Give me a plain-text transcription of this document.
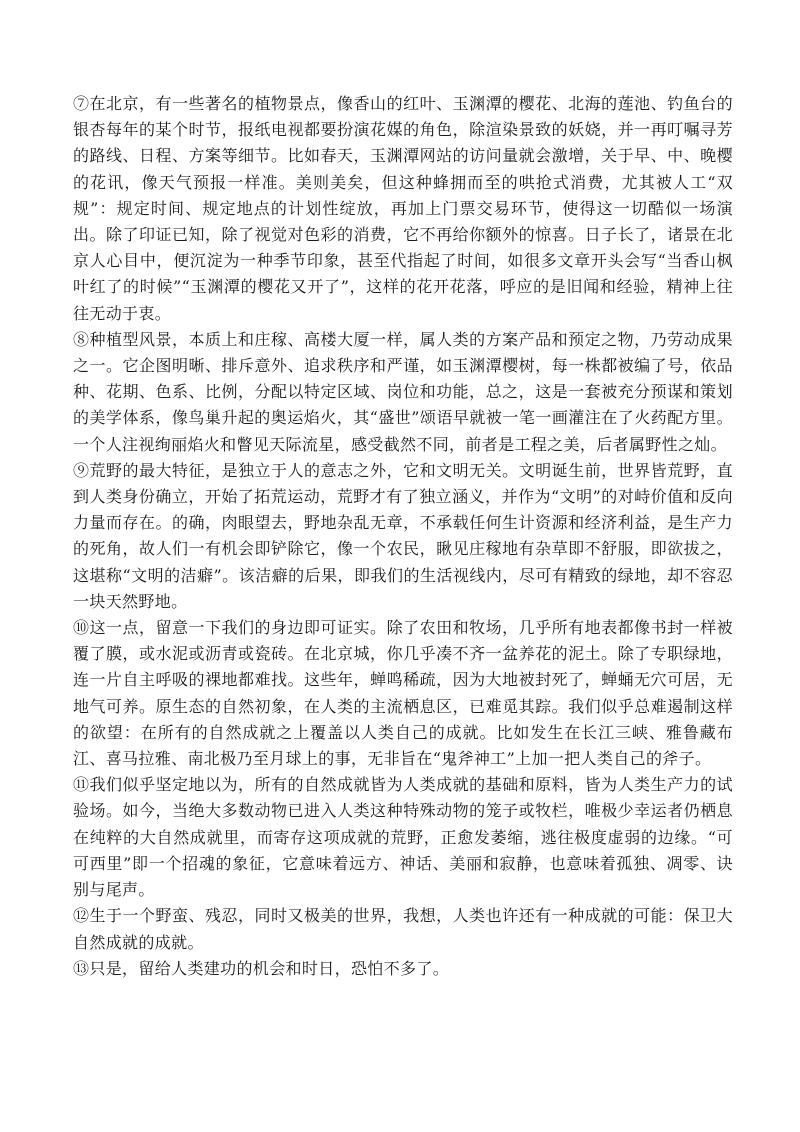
⑦在北京，有一些著名的植物景点，像香山的红叶、玉渊潭的樱花、北海的莲池、钓鱼台的银杏每年的某个时节，报纸电视都要扮演花媒的角色，除渲染景致的妖娆，并一再叮嘱寻芳的路线、日程、方案等细节。比如春天，玉渊潭网站的访问量就会激增，关于早、中、晚樱的花讯，像天气预报一样准。美则美矣，但这种蜂拥而至的哄抢式消费，尤其被人工“双规”：规定时间、规定地点的计划性绽放，再加上门票交易环节，使得这一切酷似一场演出。除了印证已知，除了视觉对色彩的消费，它不再给你额外的惊喜。日子长了，诸景在北京人心目中，便沉淀为一种季节印象，甚至代指起了时间，如很多文章开头会写“当香山枫叶红了的时候”“玉渊潭的樱花又开了”，这样的花开花落，呼应的是旧闻和经验，精神上往往无动于衷。

⑧种植型风景，本质上和庄稼、高楼大厦一样，属人类的方案产品和预定之物，乃劳动成果之一。它企图明晰、排斥意外、追求秩序和严谨，如玉渊潭樱树，每一株都被编了号，依品种、花期、色系、比例，分配以特定区域、岗位和功能，总之，这是一套被充分预谋和策划的美学体系，像鸟巢升起的奥运焰火，其“盛世”颂语早就被一笔一画灌注在了火药配方里。一个人注视绚丽焰火和瞥见天际流星，感受截然不同，前者是工程之美，后者属野性之灿。

⑨荒野的最大特征，是独立于人的意志之外，它和文明无关。文明诞生前，世界皆荒野，直到人类身份确立，开始了拓荒运动，荒野才有了独立涵义，并作为“文明”的对峙价值和反向力量而存在。的确，肉眼望去，野地杂乱无章，不承载任何生计资源和经济利益，是生产力的死角，故人们一有机会即铲除它，像一个农民，瞅见庄稼地有杂草即不舒服，即欲拔之，这堪称“文明的洁癖”。该洁癖的后果，即我们的生活视线内，尽可有精致的绿地，却不容忍一块天然野地。

⑩这一点，留意一下我们的身边即可证实。除了农田和牧场，几乎所有地表都像书封一样被覆了膜，或水泥或沥青或瓷砖。在北京城，你几乎凑不齐一盆养花的泥土。除了专职绿地，连一片自主呼吸的裸地都难找。这些年，蝉鸣稀疏，因为大地被封死了，蝉蛹无穴可居，无地气可养。原生态的自然初象，在人类的主流栖息区，已难觅其踪。我们似乎总难遏制这样的欲望：在所有的自然成就之上覆盖以人类自己的成就。比如发生在长江三峡、雅鲁藏布江、喜马拉雅、南北极乃至月球上的事，无非旨在“鬼斧神工”上加一把人类自己的斧子。

⑪我们似乎坚定地以为，所有的自然成就皆为人类成就的基础和原料，皆为人类生产力的试验场。如今，当绝大多数动物已进入人类这种特殊动物的笼子或牧栏，唯极少幸运者仍栖息在纯粹的大自然成就里，而寄存这项成就的荒野，正愈发萎缩，逃往极度虚弱的边缘。“可可西里”即一个招魂的象征，它意味着远方、神话、美丽和寂静，也意味着孤独、凋零、诀别与尾声。

⑫生于一个野蛮、残忍，同时又极美的世界，我想，人类也许还有一种成就的可能：保卫大自然成就的成就。

⑬只是，留给人类建功的机会和时日，恐怕不多了。
